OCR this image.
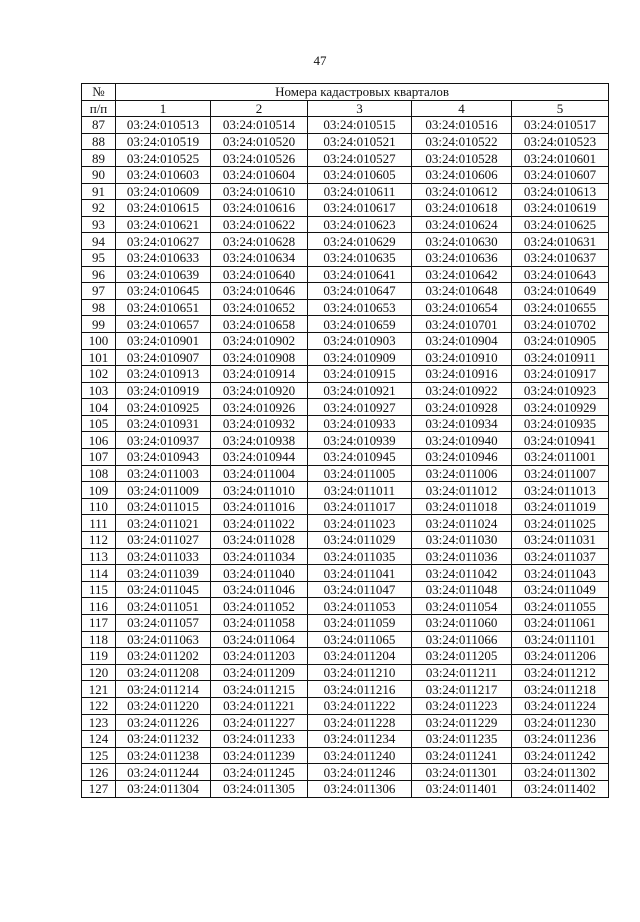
47
№	Номера кадастровых кварталов				
п/п	1	2	3	4	5
87	03:24:010513	03:24:010514	03:24:010515	03:24:010516	03:24:010517
88	03:24:010519	03:24:010520	03:24:010521	03:24:010522	03:24:010523
89	03:24:010525	03:24:010526	03:24:010527	03:24:010528	03:24:010601
90	03:24:010603	03:24:010604	03:24:010605	03:24:010606	03:24:010607
91	03:24:010609	03:24:010610	03:24:010611	03:24:010612	03:24:010613
92	03:24:010615	03:24:010616	03:24:010617	03:24:010618	03:24:010619
93	03:24:010621	03:24:010622	03:24:010623	03:24:010624	03:24:010625
94	03:24:010627	03:24:010628	03:24:010629	03:24:010630	03:24:010631
95	03:24:010633	03:24:010634	03:24:010635	03:24:010636	03:24:010637
96	03:24:010639	03:24:010640	03:24:010641	03:24:010642	03:24:010643
97	03:24:010645	03:24:010646	03:24:010647	03:24:010648	03:24:010649
98	03:24:010651	03:24:010652	03:24:010653	03:24:010654	03:24:010655
99	03:24:010657	03:24:010658	03:24:010659	03:24:010701	03:24:010702
100	03:24:010901	03:24:010902	03:24:010903	03:24:010904	03:24:010905
101	03:24:010907	03:24:010908	03:24:010909	03:24:010910	03:24:010911
102	03:24:010913	03:24:010914	03:24:010915	03:24:010916	03:24:010917
103	03:24:010919	03:24:010920	03:24:010921	03:24:010922	03:24:010923
104	03:24:010925	03:24:010926	03:24:010927	03:24:010928	03:24:010929
105	03:24:010931	03:24:010932	03:24:010933	03:24:010934	03:24:010935
106	03:24:010937	03:24:010938	03:24:010939	03:24:010940	03:24:010941
107	03:24:010943	03:24:010944	03:24:010945	03:24:010946	03:24:011001
108	03:24:011003	03:24:011004	03:24:011005	03:24:011006	03:24:011007
109	03:24:011009	03:24:011010	03:24:011011	03:24:011012	03:24:011013
110	03:24:011015	03:24:011016	03:24:011017	03:24:011018	03:24:011019
111	03:24:011021	03:24:011022	03:24:011023	03:24:011024	03:24:011025
112	03:24:011027	03:24:011028	03:24:011029	03:24:011030	03:24:011031
113	03:24:011033	03:24:011034	03:24:011035	03:24:011036	03:24:011037
114	03:24:011039	03:24:011040	03:24:011041	03:24:011042	03:24:011043
115	03:24:011045	03:24:011046	03:24:011047	03:24:011048	03:24:011049
116	03:24:011051	03:24:011052	03:24:011053	03:24:011054	03:24:011055
117	03:24:011057	03:24:011058	03:24:011059	03:24:011060	03:24:011061
118	03:24:011063	03:24:011064	03:24:011065	03:24:011066	03:24:011101
119	03:24:011202	03:24:011203	03:24:011204	03:24:011205	03:24:011206
120	03:24:011208	03:24:011209	03:24:011210	03:24:011211	03:24:011212
121	03:24:011214	03:24:011215	03:24:011216	03:24:011217	03:24:011218
122	03:24:011220	03:24:011221	03:24:011222	03:24:011223	03:24:011224
123	03:24:011226	03:24:011227	03:24:011228	03:24:011229	03:24:011230
124	03:24:011232	03:24:011233	03:24:011234	03:24:011235	03:24:011236
125	03:24:011238	03:24:011239	03:24:011240	03:24:011241	03:24:011242
126	03:24:011244	03:24:011245	03:24:011246	03:24:011301	03:24:011302
127	03:24:011304	03:24:011305	03:24:011306	03:24:011401	03:24:011402
